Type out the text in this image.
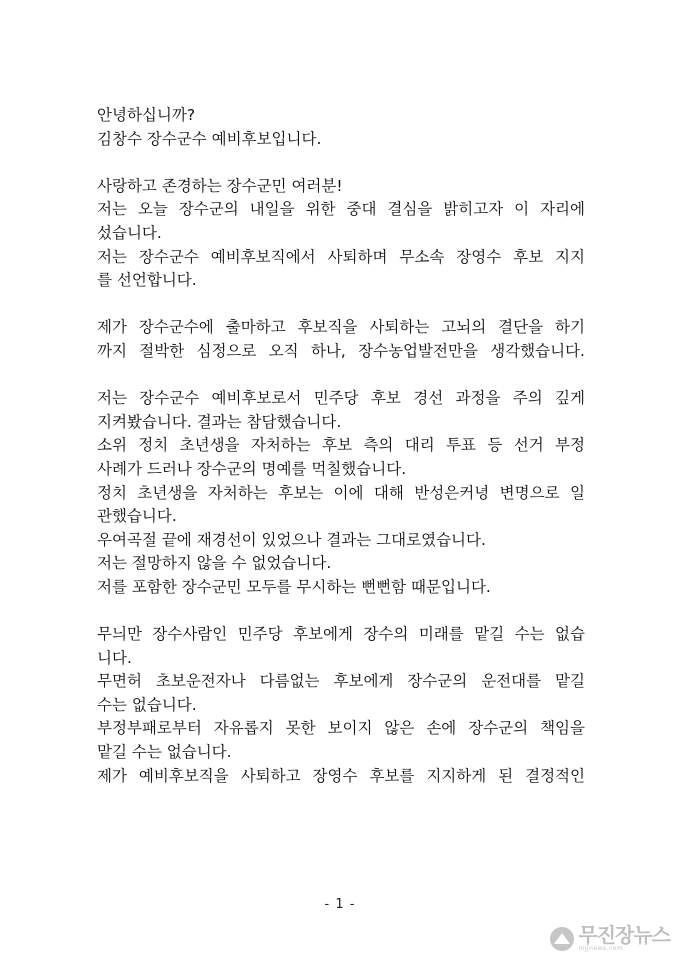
안녕하십니까?
김창수 장수군수 예비후보입니다.
사랑하고 존경하는 장수군민 여러분!
저는 오늘 장수군의 내일을 위한 중대 결심을 밝히고자 이 자리에
섰습니다.
저는 장수군수 예비후보직에서 사퇴하며 무소속 장영수 후보 지지
를 선언합니다.
제가 장수군수에 출마하고 후보직을 사퇴하는 고뇌의 결단을 하기
까지 절박한 심정으로 오직 하나, 장수농업발전만을 생각했습니다.
저는 장수군수 예비후보로서 민주당 후보 경선 과정을 주의 깊게
지켜봤습니다. 결과는 참담했습니다.
소위 정치 초년생을 자처하는 후보 측의 대리 투표 등 선거 부정
사례가 드러나 장수군의 명예를 먹칠했습니다.
정치 초년생을 자처하는 후보는 이에 대해 반성은커녕 변명으로 일
관했습니다.
우여곡절 끝에 재경선이 있었으나 결과는 그대로였습니다.
저는 절망하지 않을 수 없었습니다.
저를 포함한 장수군민 모두를 무시하는 뻔뻔함 때문입니다.
무늬만 장수사람인 민주당 후보에게 장수의 미래를 맡길 수는 없습
니다.
무면허 초보운전자나 다름없는 후보에게 장수군의 운전대를 맡길
수는 없습니다.
부정부패로부터 자유롭지 못한 보이지 않은 손에 장수군의 책임을
맡길 수는 없습니다.
제가 예비후보직을 사퇴하고 장영수 후보를 지지하게 된 결정적인
- 1 -
무진장뉴스
mjjnews.com
